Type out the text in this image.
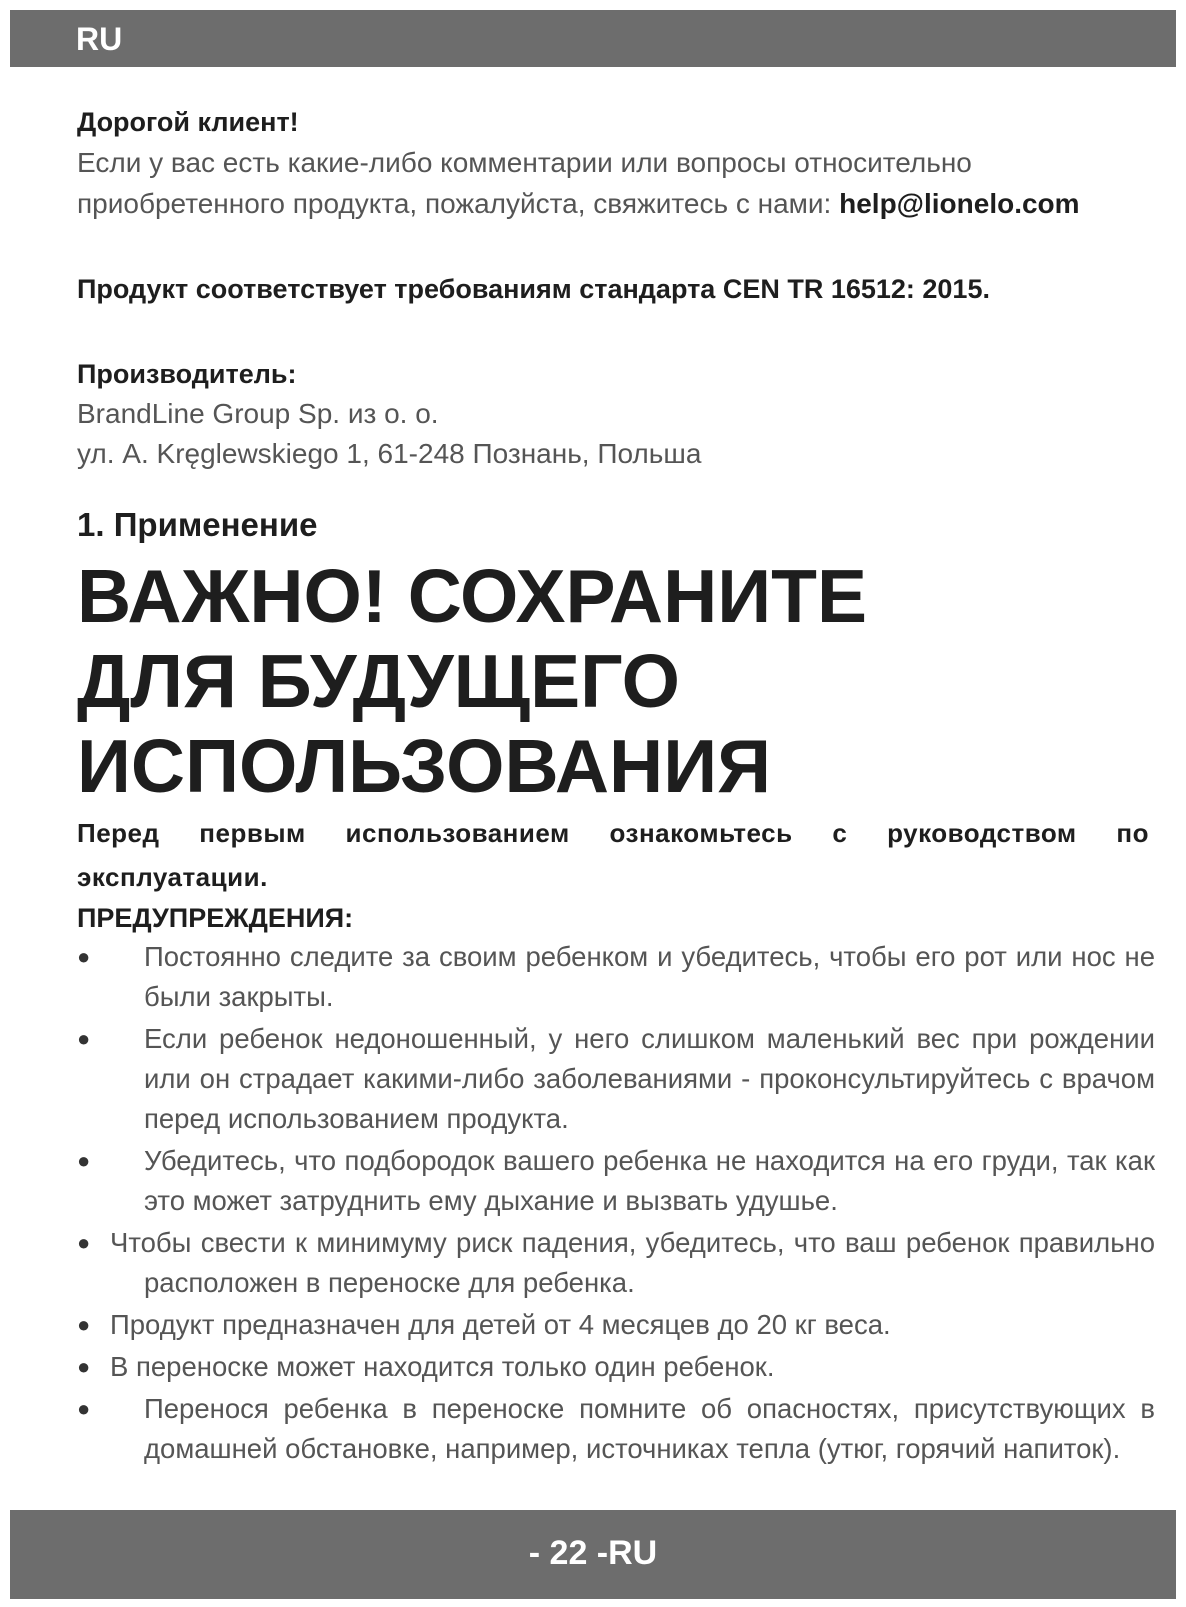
RU
Дорогой клиент!
Если у вас есть какие-либо комментарии или вопросы относительно приобретенного продукта, пожалуйста, свяжитесь с нами: help@lionelo.com
Продукт соответствует требованиям стандарта CEN TR 16512: 2015.
Производитель:
BrandLine Group Sp. из о. о.
ул. A. Kręglewskiego 1, 61-248 Познань, Польша
1. Применение
ВАЖНО! СОХРАНИТЕ
ДЛЯ БУДУЩЕГО
ИСПОЛЬЗОВАНИЯ
Перед первым использованием ознакомьтесь с руководством по эксплуатации.
ПРЕДУПРЕЖДЕНИЯ:
●	Постоянно следите за своим ребенком и убедитесь, чтобы его рот или нос не были закрыты.
●	Если ребенок недоношенный, у него слишком маленький вес при рождении или он страдает какими-либо заболеваниями - проконсультируйтесь с врачом перед использованием продукта.
●	Убедитесь, что подбородок вашего ребенка не находится на его груди, так как это может затруднить ему дыхание и вызвать удушье.
● Чтобы свести к минимуму риск падения, убедитесь, что ваш ребенок правильно расположен в переноске для ребенка.
● Продукт предназначен для детей от 4 месяцев до 20 кг веса.
● В переноске может находится только один ребенок.
●	Перенося ребенка в переноске помните об опасностях, присутствующих в домашней обстановке, например, источниках тепла (утюг, горячий напиток).
- 22 -RU
